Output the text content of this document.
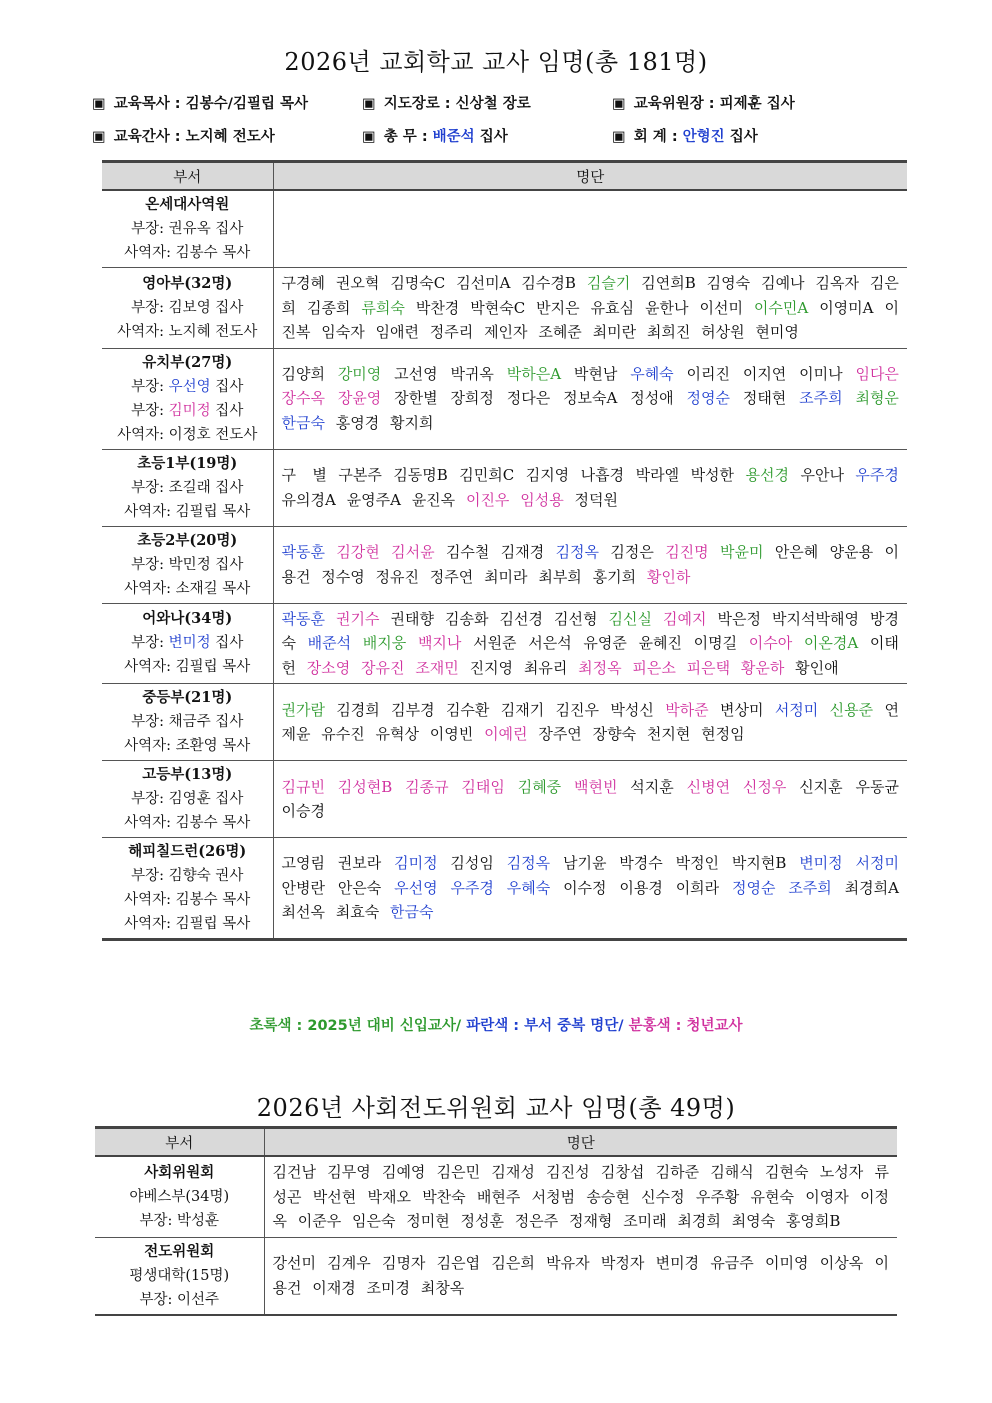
2026년 교회학교 교사 임명(총 181명)
▣ 교육목사 : 김봉수/김필립 목사	▣ 지도장로 : 신상철 장로	▣ 교육위원장 : 피제훈 집사
▣ 교육간사 : 노지혜 전도사	▣ 총 무 : 배준석 집사	▣ 회 계 : 안형진 집사
부서	명단

온세대사역원
부장: 권유옥 집사
사역자: 김봉수 목사	

영아부(32명)
부장: 김보영 집사
사역자: 노지혜 전도사	구경혜 권오혁 김명숙C 김선미A 김수경B 김슬기 김연희B 김영숙 김예나 김옥자 김은희 김종희 류희숙 박찬경 박현숙C 반지은 유효심 윤한나 이선미 이수민A 이영미A 이진복 임숙자 임애련 정주리 제인자 조혜준 최미란 최희진 허상원 현미영

유치부(27명)
부장: 우선영 집사
부장: 김미정 집사
사역자: 이정호 전도사	김양희 강미영 고선영 박귀옥 박하은A 박현남 우혜숙 이리진 이지연 이미나 임다은 장수옥 장윤영 장한별 장희정 정다은 정보숙A 정성애 정영순 정태현 조주희 최형운 한금숙 홍영경 황지희

초등1부(19명)
부장: 조길래 집사
사역자: 김필립 목사	구　별 구본주 김동명B 김민희C 김지영 나흡경 박라엘 박성한 용선경 우안나 우주경 유의경A 윤영주A 윤진옥 이진우 임성용 정덕원

초등2부(20명)
부장: 박민정 집사
사역자: 소재길 목사	곽동훈 김강현 김서윤 김수철 김재경 김정옥 김정은 김진명 박윤미 안은혜 양운용 이용건 정수영 정유진 정주연 최미라 최부희 홍기희 황인하

어와나(34명)
부장: 변미정 집사
사역자: 김필립 목사	곽동훈 권기수 권태향 김송화 김선경 김선형 김신실 김예지 박은정 박지석박해영 방경숙 배준석 배지웅 백지나 서원준 서은석 유영준 윤혜진 이명길 이수아 이온경A 이태헌 장소영 장유진 조재민 진지영 최유리 최정옥 피은소 피은택 황운하 황인애

중등부(21명)
부장: 채금주 집사
사역자: 조환영 목사	권가람 김경희 김부경 김수환 김재기 김진우 박성신 박하준 변상미 서정미 신용준 연제윤 유수진 유혁상 이영빈 이예린 장주연 장향숙 천지현 현정임

고등부(13명)
부장: 김영훈 집사
사역자: 김봉수 목사	김규빈 김성현B 김종규 김태임 김혜중 백현빈 석지훈 신병연 신정우 신지훈 우동균 이승경

해피칠드런(26명)
부장: 김향숙 권사
사역자: 김봉수 목사
사역자: 김필립 목사	고영림 권보라 김미정 김성임 김정옥 남기윤 박경수 박정인 박지현B 변미정 서정미 안병란 안은숙 우선영 우주경 우혜숙 이수정 이용경 이희라 정영순 조주희 최경희A 최선옥 최효숙 한금숙
초록색 : 2025년 대비 신입교사/ 파란색 : 부서 중복 명단/ 분홍색 : 청년교사
2026년 사회전도위원회 교사 임명(총 49명)
부서	명단

사회위원회
야베스부(34명)
부장: 박성훈	김건남 김무영 김예영 김은민 김재성 김진성 김창섭 김하준 김해식 김현숙 노성자 류성곤 박선현 박재오 박찬숙 배현주 서청범 송승현 신수정 우주황 유현숙 이영자 이정옥 이준우 임은숙 정미현 정성훈 정은주 정재형 조미래 최경희 최영숙 홍영희B

전도위원회
평생대학(15명)
부장: 이선주	강선미 김계우 김명자 김은엽 김은희 박유자 박정자 변미경 유금주 이미영 이상옥 이용건 이재경 조미경 최창옥
